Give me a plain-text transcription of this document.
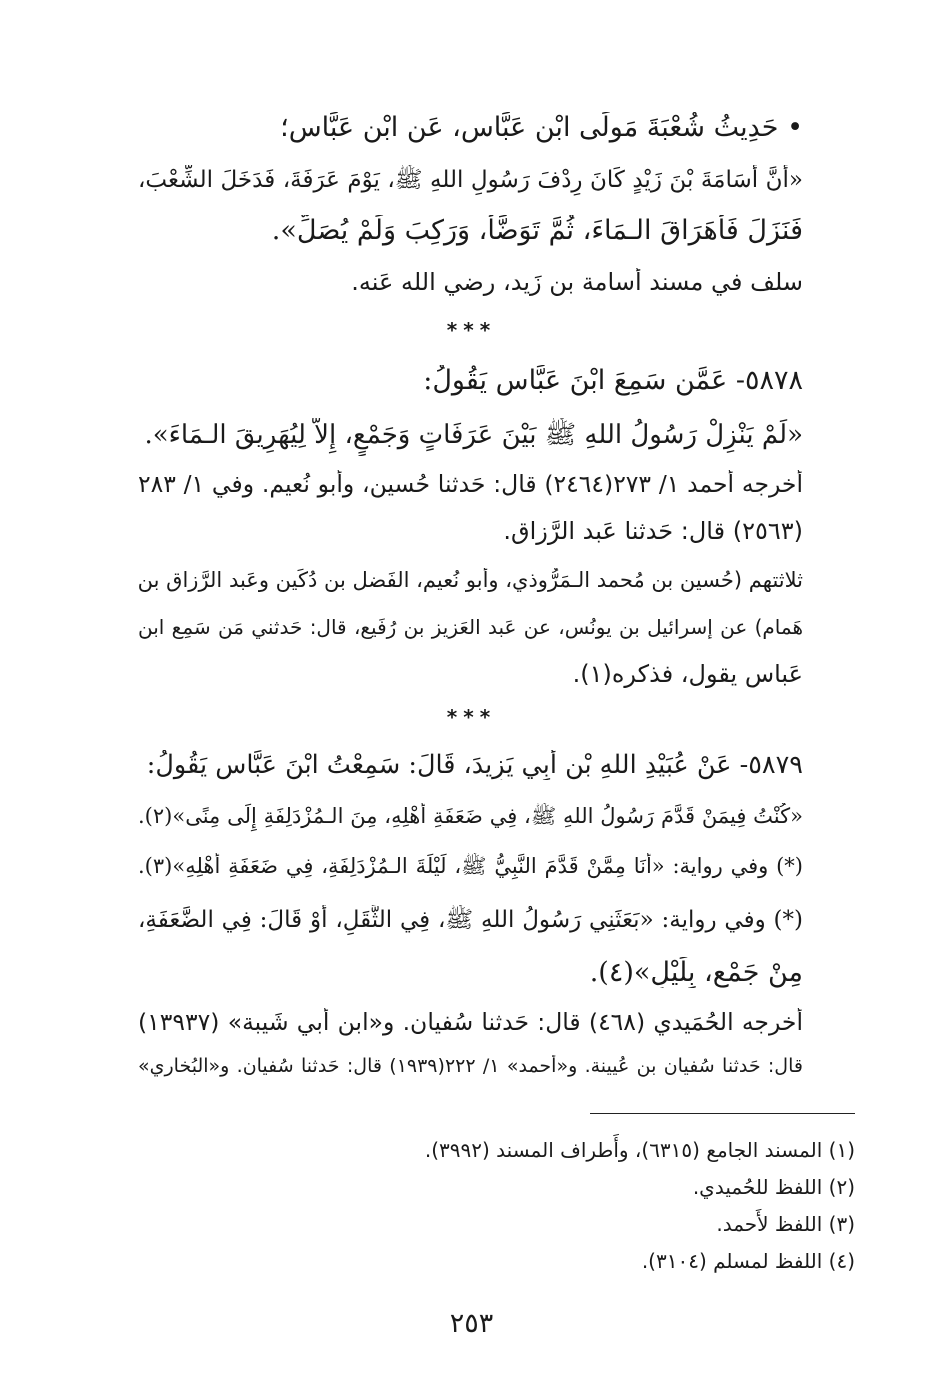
• حَدِيثُ شُعْبَةَ مَولَى ابْنِ عَبَّاسٍ، عَنِ ابْنِ عَبَّاسٍ؛
«أَنَّ أُسَامَةَ بْنَ زَيْدٍ كَانَ رِدْفَ رَسُولِ اللهِ ﷺ، يَوْمَ عَرَفَةَ، فَدَخَلَ الشِّعْبَ،
فَنَزَلَ فَأَهَرَاقَ الـمَاءَ، ثُمَّ تَوَضَّأَ، وَرَكِبَ وَلَمْ يُصَلِّ».
سلف في مسند أُسامة بن زَيد، رضي الله عَنه.
***
٥٨٧٨- عَمَّن سَمِعَ ابْنَ عَبَّاسٍ يَقُولُ:
«لَمْ يَنْزِلْ رَسُولُ اللهِ ﷺ بَيْنَ عَرَفَاتٍ وَجَمْعٍ، إِلاَّ لِيُهَرِيقَ الـمَاءَ».
أَخرجه أَحمد ١/ ٢٧٣(٢٤٦٤) قال: حَدثنا حُسين، وأَبو نُعيم. وفي ١/ ٢٨٣
(٢٥٦٣) قال: حَدثنا عَبد الرَّزاق.
ثلاثتهم (حُسين بن مُحمد الـمَرُّوذي، وأَبو نُعيم، الفَضل بن دُكَين وعَبد الرَّزاق بن
هَمام) عن إِسرائيل بن يونُس، عن عَبد العَزيز بن رُفَيع، قال: حَدثني مَن سَمِع ابن
عَباس يقول، فذكره(١).
***
٥٨٧٩- عَنْ عُبَيْدِ اللهِ بْنِ أَبِي يَزِيدَ، قَالَ: سَمِعْتُ ابْنَ عَبَّاسٍ يَقُولُ:
«كُنْتُ فِيمَنْ قَدَّمَ رَسُولُ اللهِ ﷺ، فِي ضَعَفَةِ أَهْلِهِ، مِنَ الـمُزْدَلِفَةِ إِلَى مِنًى»(٢).
(*) وفي رواية: «أَنَا مِمَّنْ قَدَّمَ النَّبِيُّ ﷺ، لَيْلَةَ الـمُزْدَلِفَةِ، فِي ضَعَفَةِ أَهْلِهِ»(٣).
(*) وفي رواية: «بَعَثَنِي رَسُولُ اللهِ ﷺ، فِي الثَّقَلِ، أَوْ قَالَ: فِي الضَّعَفَةِ،
مِنْ جَمْعٍ، بِلَيْلٍ»(٤).
أَخرجه الحُمَيدي (٤٦٨) قال: حَدثنا سُفيان. و«ابن أَبي شَيبة» (١٣٩٣٧)
قال: حَدثنا سُفيان بن عُيينة. و«أَحمد» ١/ ٢٢٢(١٩٣٩) قال: حَدثنا سُفيان. و«البُخاري»
(١) المسند الجامع (٦٣١٥)، وأَطراف المسند (٣٩٩٢).
(٢) اللفظ للحُميدي.
(٣) اللفظ لأَحمد.
(٤) اللفظ لمسلم (٣١٠٤).
٢٥٣
